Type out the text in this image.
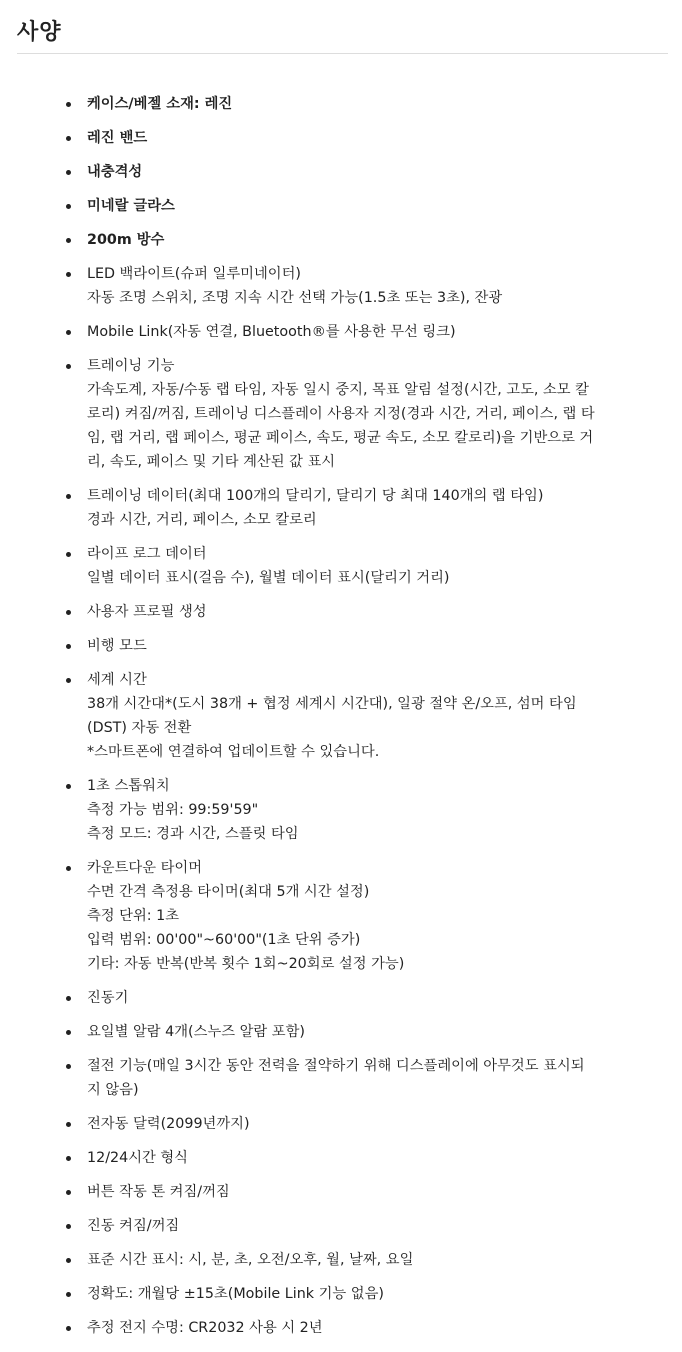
사양
케이스/베젤 소재: 레진
레진 밴드
내충격성
미네랄 글라스
200m 방수
LED 백라이트(슈퍼 일루미네이터)
자동 조명 스위치, 조명 지속 시간 선택 가능(1.5초 또는 3초), 잔광
Mobile Link(자동 연결, Bluetooth®를 사용한 무선 링크)
트레이닝 기능
가속도계, 자동/수동 랩 타임, 자동 일시 중지, 목표 알림 설정(시간, 고도, 소모 칼
로리) 켜짐/꺼짐, 트레이닝 디스플레이 사용자 지정(경과 시간, 거리, 페이스, 랩 타
임, 랩 거리, 랩 페이스, 평균 페이스, 속도, 평균 속도, 소모 칼로리)을 기반으로 거
리, 속도, 페이스 및 기타 계산된 값 표시
트레이닝 데이터(최대 100개의 달리기, 달리기 당 최대 140개의 랩 타임)
경과 시간, 거리, 페이스, 소모 칼로리
라이프 로그 데이터
일별 데이터 표시(걸음 수), 월별 데이터 표시(달리기 거리)
사용자 프로필 생성
비행 모드
세계 시간
38개 시간대*(도시 38개 + 협정 세계시 시간대), 일광 절약 온/오프, 섬머 타임
(DST) 자동 전환
*스마트폰에 연결하여 업데이트할 수 있습니다.
1초 스톱워치
측정 가능 범위: 99:59'59"
측정 모드: 경과 시간, 스플릿 타임
카운트다운 타이머
수면 간격 측정용 타이머(최대 5개 시간 설정)
측정 단위: 1초
입력 범위: 00'00"~60'00"(1초 단위 증가)
기타: 자동 반복(반복 횟수 1회~20회로 설정 가능)
진동기
요일별 알람 4개(스누즈 알람 포함)
절전 기능(매일 3시간 동안 전력을 절약하기 위해 디스플레이에 아무것도 표시되
지 않음)
전자동 달력(2099년까지)
12/24시간 형식
버튼 작동 톤 켜짐/꺼짐
진동 켜짐/꺼짐
표준 시간 표시: 시, 분, 초, 오전/오후, 월, 날짜, 요일
정확도: 개월당 ±15초(Mobile Link 기능 없음)
추정 전지 수명: CR2032 사용 시 2년
